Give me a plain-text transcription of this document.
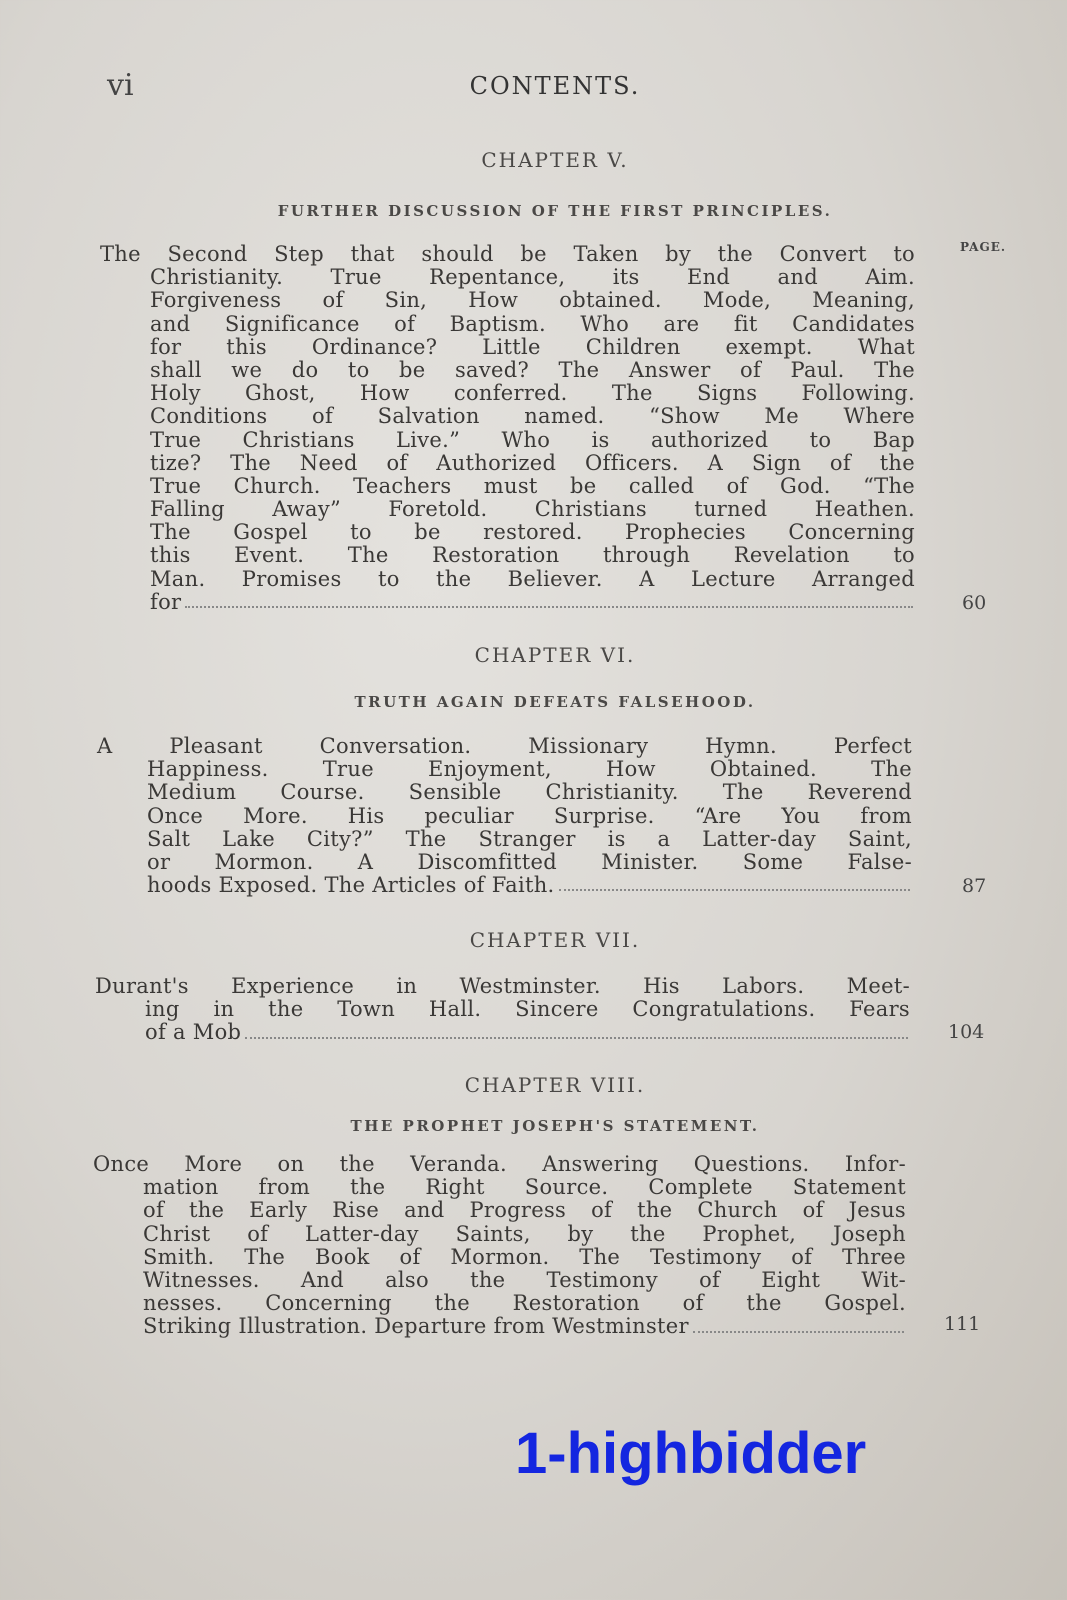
vi	CONTENTS.
PAGE.
CHAPTER V.
FURTHER DISCUSSION OF THE FIRST PRINCIPLES.
The Second Step that should be Taken by the Convert to
Christianity. True Repentance, its End and Aim.
Forgiveness of Sin, How obtained. Mode, Meaning,
and Significance of Baptism. Who are fit Candidates
for this Ordinance? Little Children exempt. What
shall we do to be saved? The Answer of Paul. The
Holy Ghost, How conferred. The Signs Following.
Conditions of Salvation named. “Show Me Where
True Christians Live.” Who is authorized to Bap
tize? The Need of Authorized Officers. A Sign of the
True Church. Teachers must be called of God. “The
Falling Away” Foretold. Christians turned Heathen.
The Gospel to be restored. Prophecies Concerning
this Event. The Restoration through Revelation to
Man. Promises to the Believer. A Lecture Arranged
for	60
CHAPTER VI.
TRUTH AGAIN DEFEATS FALSEHOOD.
A Pleasant Conversation. Missionary Hymn. Perfect
Happiness. True Enjoyment, How Obtained. The
Medium Course. Sensible Christianity. The Reverend
Once More. His peculiar Surprise. “Are You from
Salt Lake City?” The Stranger is a Latter-day Saint,
or Mormon. A Discomfitted Minister. Some False-
hoods Exposed. The Articles of Faith.	87
CHAPTER VII.
Durant's Experience in Westminster. His Labors. Meet-
ing in the Town Hall. Sincere Congratulations. Fears
of a Mob	104
CHAPTER VIII.
THE PROPHET JOSEPH'S STATEMENT.
Once More on the Veranda. Answering Questions. Infor-
mation from the Right Source. Complete Statement
of the Early Rise and Progress of the Church of Jesus
Christ of Latter-day Saints, by the Prophet, Joseph
Smith. The Book of Mormon. The Testimony of Three
Witnesses. And also the Testimony of Eight Wit-
nesses. Concerning the Restoration of the Gospel.
Striking Illustration. Departure from Westminster	111
1-highbidder
